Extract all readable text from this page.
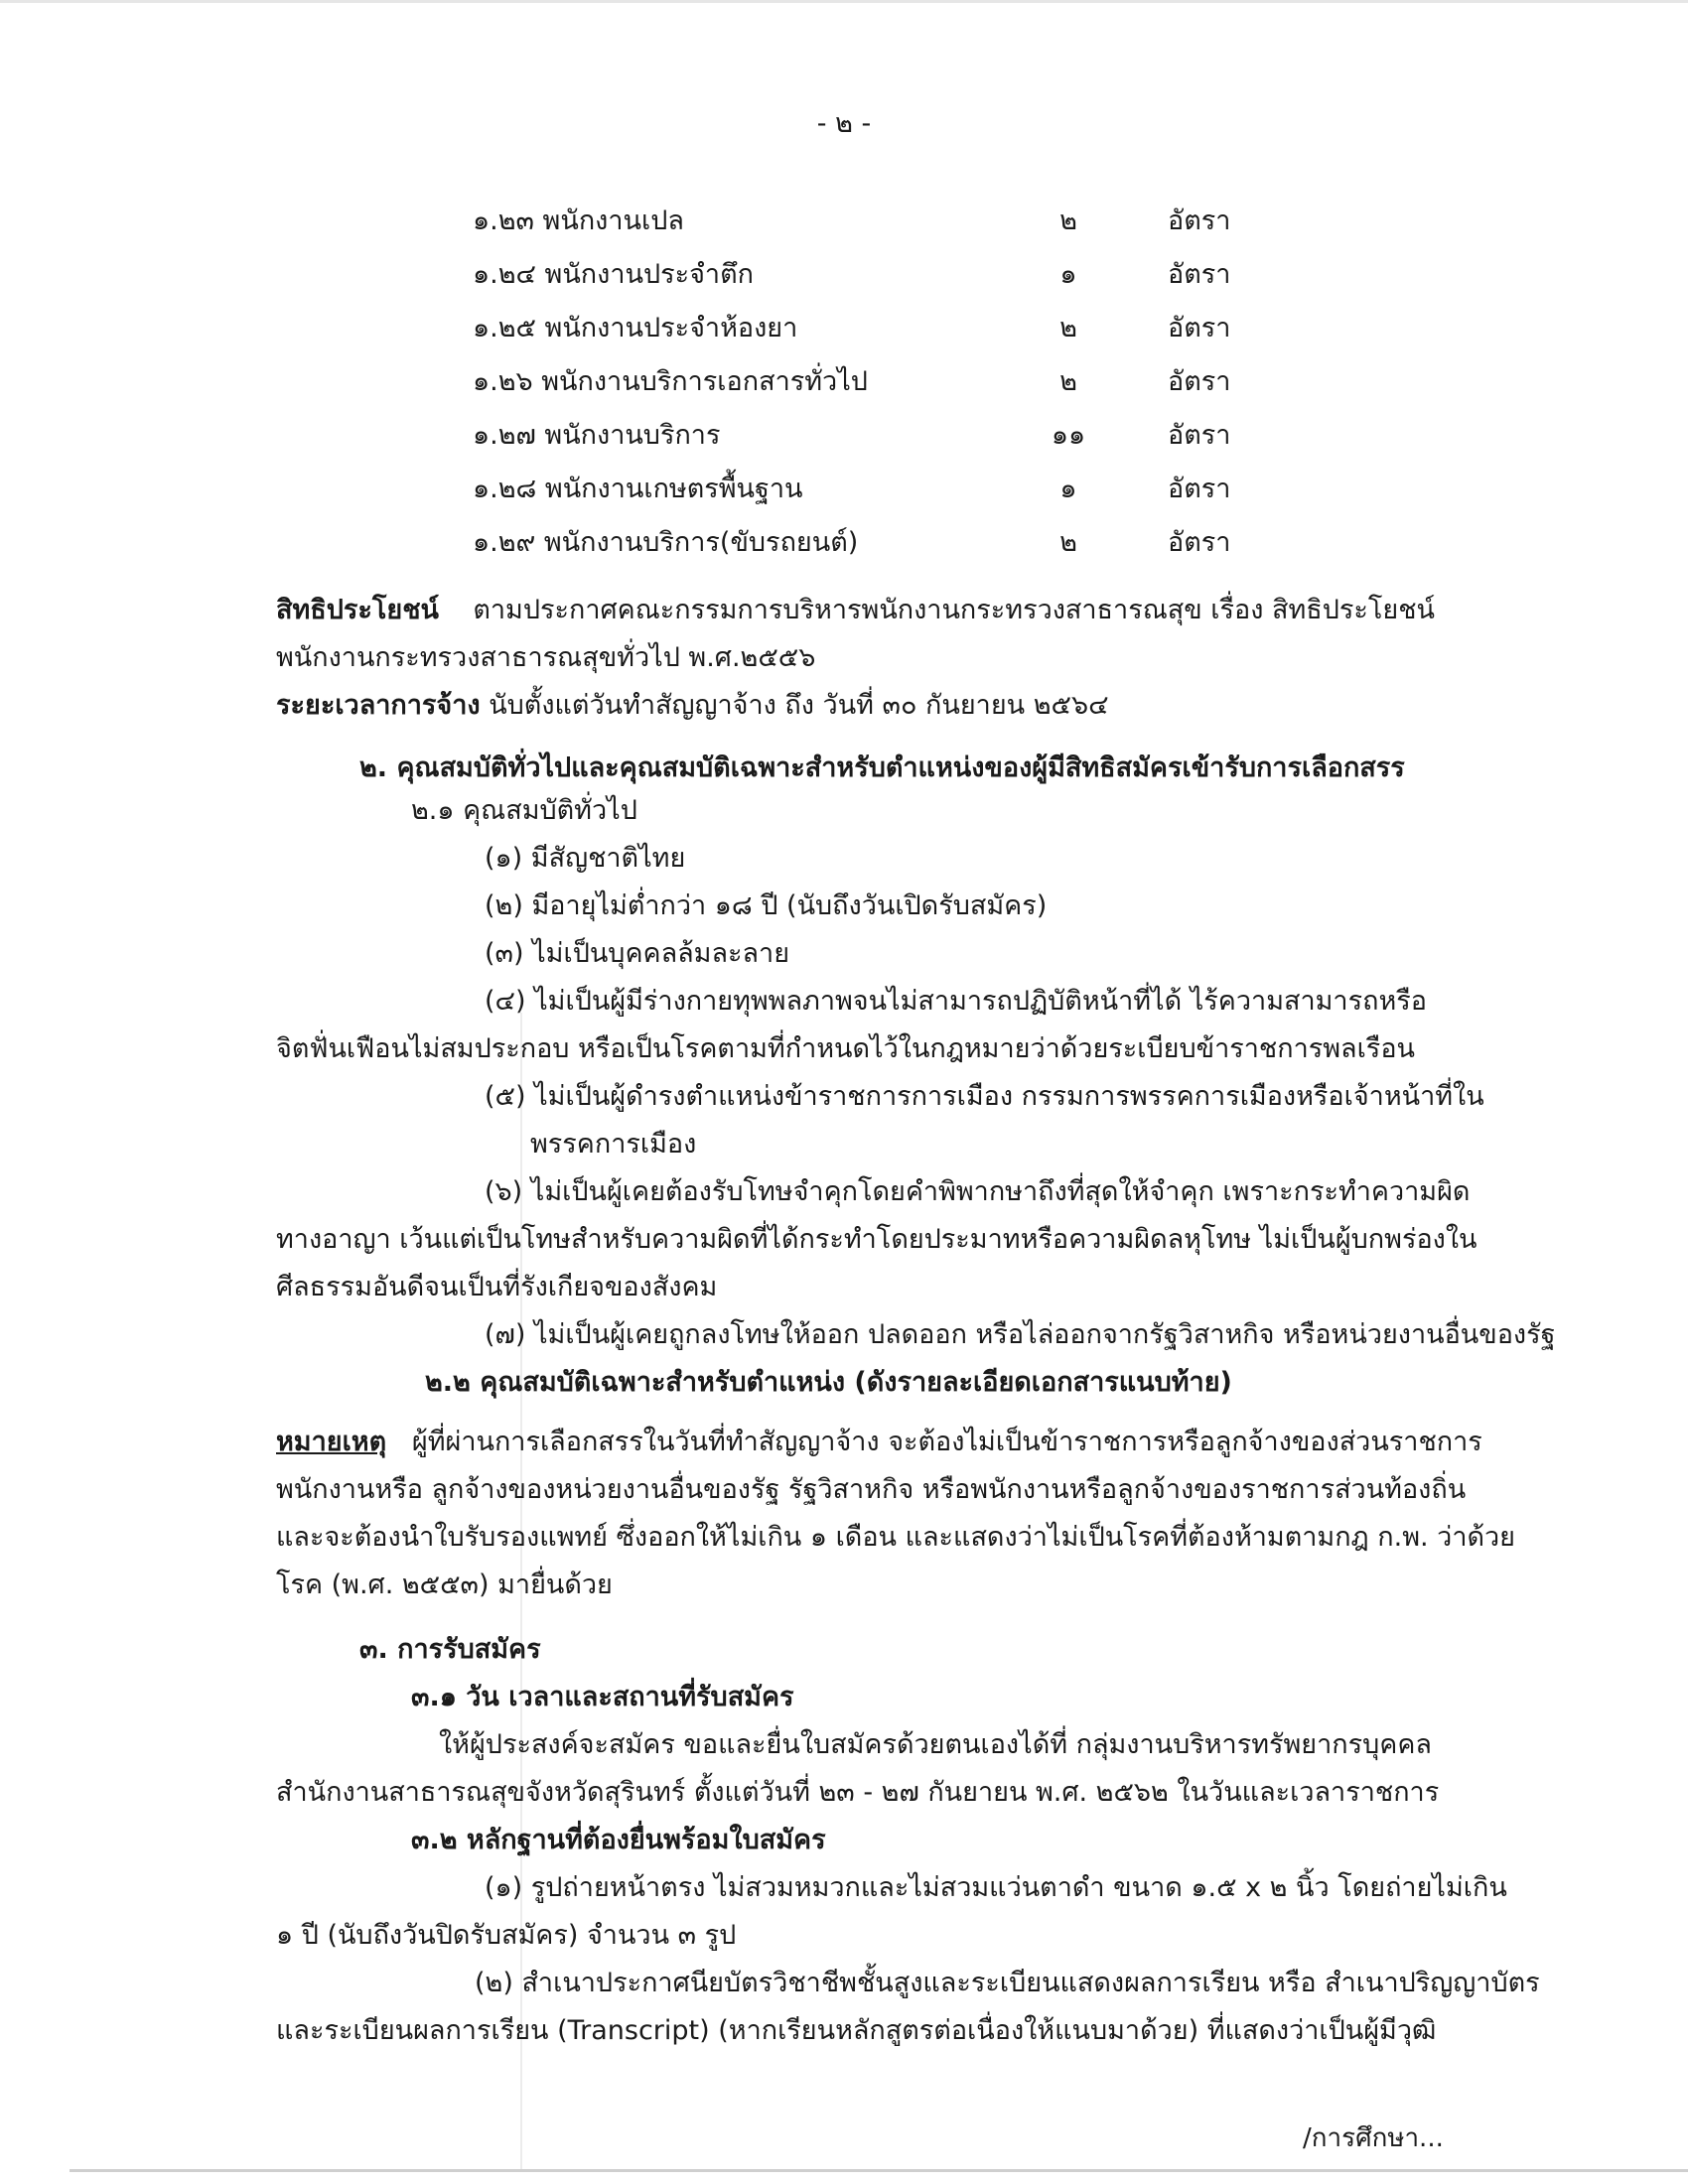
- ๒ -
๑.๒๓ พนักงานเปล	๒	อัตรา
๑.๒๔ พนักงานประจำตึก	๑	อัตรา
๑.๒๕ พนักงานประจำห้องยา	๒	อัตรา
๑.๒๖ พนักงานบริการเอกสารทั่วไป	๒	อัตรา
๑.๒๗ พนักงานบริการ	๑๑	อัตรา
๑.๒๘ พนักงานเกษตรพื้นฐาน	๑	อัตรา
๑.๒๙ พนักงานบริการ(ขับรถยนต์)	๒	อัตรา
สิทธิประโยชน์ ตามประกาศคณะกรรมการบริหารพนักงานกระทรวงสาธารณสุข เรื่อง สิทธิประโยชน์
พนักงานกระทรวงสาธารณสุขทั่วไป พ.ศ.๒๕๕๖
ระยะเวลาการจ้าง นับตั้งแต่วันทำสัญญาจ้าง ถึง วันที่ ๓๐ กันยายน ๒๕๖๔
๒. คุณสมบัติทั่วไปและคุณสมบัติเฉพาะสำหรับตำแหน่งของผู้มีสิทธิสมัครเข้ารับการเลือกสรร
๒.๑ คุณสมบัติทั่วไป
(๑) มีสัญชาติไทย
(๒) มีอายุไม่ต่ำกว่า ๑๘ ปี (นับถึงวันเปิดรับสมัคร)
(๓) ไม่เป็นบุคคลล้มละลาย
(๔) ไม่เป็นผู้มีร่างกายทุพพลภาพจนไม่สามารถปฏิบัติหน้าที่ได้ ไร้ความสามารถหรือ
จิตฟั่นเฟือนไม่สมประกอบ หรือเป็นโรคตามที่กำหนดไว้ในกฎหมายว่าด้วยระเบียบข้าราชการพลเรือน
(๕) ไม่เป็นผู้ดำรงตำแหน่งข้าราชการการเมือง กรรมการพรรคการเมืองหรือเจ้าหน้าที่ใน
พรรคการเมือง
(๖) ไม่เป็นผู้เคยต้องรับโทษจำคุกโดยคำพิพากษาถึงที่สุดให้จำคุก เพราะกระทำความผิด
ทางอาญา เว้นแต่เป็นโทษสำหรับความผิดที่ได้กระทำโดยประมาทหรือความผิดลหุโทษ ไม่เป็นผู้บกพร่องใน
ศีลธรรมอันดีจนเป็นที่รังเกียจของสังคม
(๗) ไม่เป็นผู้เคยถูกลงโทษให้ออก ปลดออก หรือไล่ออกจากรัฐวิสาหกิจ หรือหน่วยงานอื่นของรัฐ
๒.๒ คุณสมบัติเฉพาะสำหรับตำแหน่ง (ดังรายละเอียดเอกสารแนบท้าย)
หมายเหตุ ผู้ที่ผ่านการเลือกสรรในวันที่ทำสัญญาจ้าง จะต้องไม่เป็นข้าราชการหรือลูกจ้างของส่วนราชการ
พนักงานหรือ ลูกจ้างของหน่วยงานอื่นของรัฐ รัฐวิสาหกิจ หรือพนักงานหรือลูกจ้างของราชการส่วนท้องถิ่น
และจะต้องนำใบรับรองแพทย์ ซึ่งออกให้ไม่เกิน ๑ เดือน และแสดงว่าไม่เป็นโรคที่ต้องห้ามตามกฎ ก.พ. ว่าด้วย
โรค (พ.ศ. ๒๕๕๓) มายื่นด้วย
๓. การรับสมัคร
๓.๑ วัน เวลาและสถานที่รับสมัคร
ให้ผู้ประสงค์จะสมัคร ขอและยื่นใบสมัครด้วยตนเองได้ที่ กลุ่มงานบริหารทรัพยากรบุคคล
สำนักงานสาธารณสุขจังหวัดสุรินทร์ ตั้งแต่วันที่ ๒๓ - ๒๗ กันยายน พ.ศ. ๒๕๖๒ ในวันและเวลาราชการ
๓.๒ หลักฐานที่ต้องยื่นพร้อมใบสมัคร
(๑) รูปถ่ายหน้าตรง ไม่สวมหมวกและไม่สวมแว่นตาดำ ขนาด ๑.๕ x ๒ นิ้ว โดยถ่ายไม่เกิน
๑ ปี (นับถึงวันปิดรับสมัคร) จำนวน ๓ รูป
(๒) สำเนาประกาศนียบัตรวิชาชีพชั้นสูงและระเบียนแสดงผลการเรียน หรือ สำเนาปริญญาบัตร
และระเบียนผลการเรียน (Transcript) (หากเรียนหลักสูตรต่อเนื่องให้แนบมาด้วย) ที่แสดงว่าเป็นผู้มีวุฒิ
/การศึกษา...
